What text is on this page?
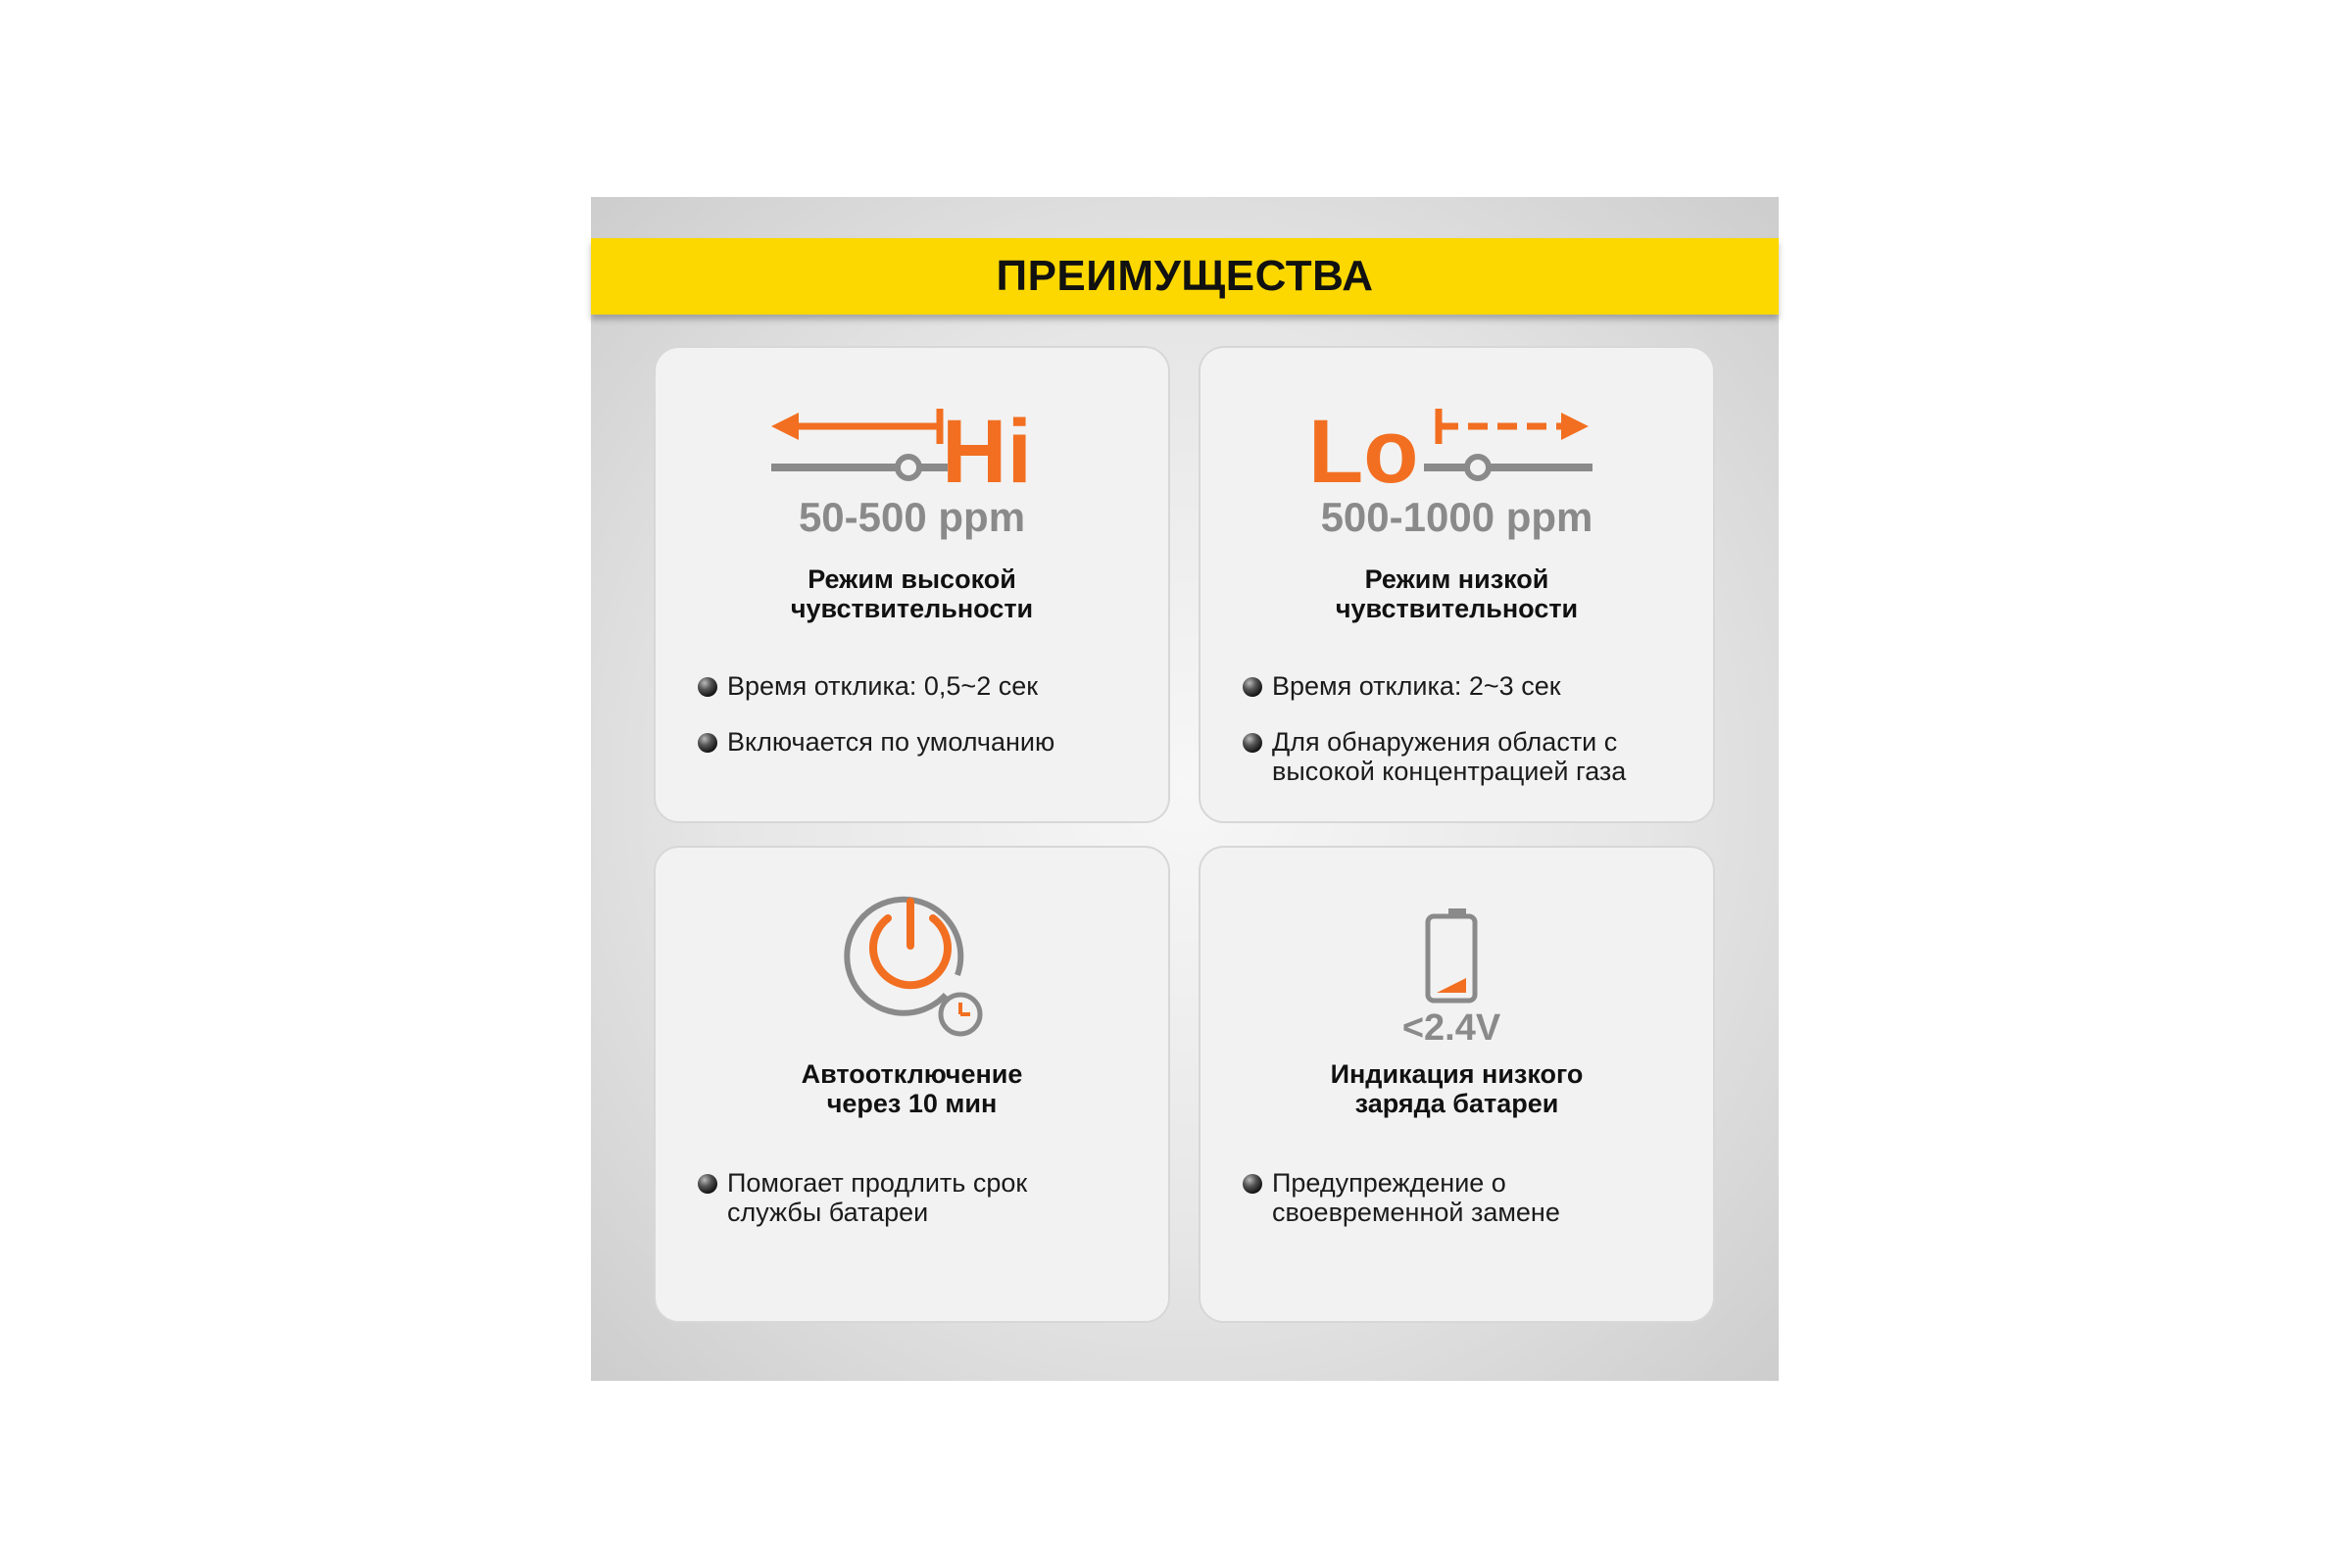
ПРЕИМУЩЕСТВА
Hi
50-500 ppm
Режим высокой
чувствительности
Время отклика: 0,5~2 сек
Включается по умолчанию
Lo
500-1000 ppm
Режим низкой
чувствительности
Время отклика: 2~3 сек
Для обнаружения области с
высокой концентрацией газа
Автоотключение
через 10 мин
Помогает продлить срок
службы батареи
<2.4V
Индикация низкого
заряда батареи
Предупреждение о
своевременной замене
